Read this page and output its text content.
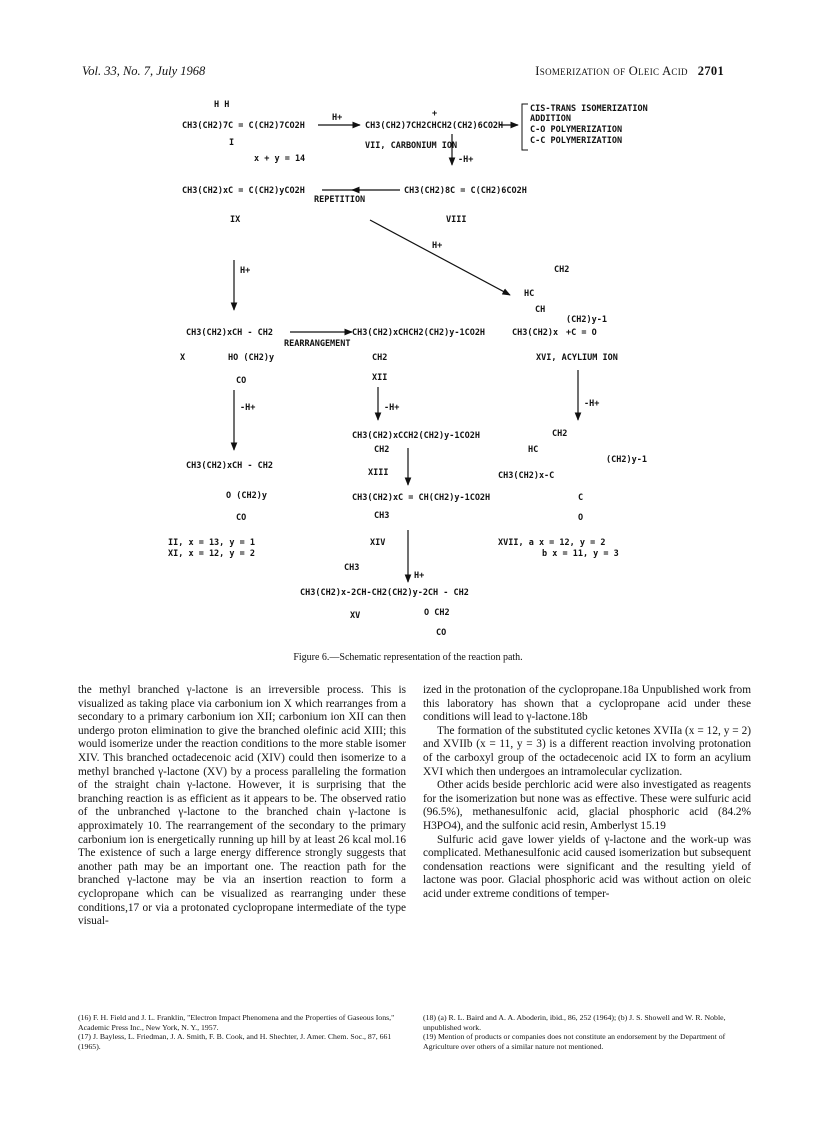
Vol. 33, No. 7, July 1968	Isomerization of Oleic Acid 2701
H H
CH3(CH2)7C = C(CH2)7CO2H
H+	+
CH3(CH2)7CH2CHCH2(CH2)6CO2H
CIS-TRANS ISOMERIZATION
ADDITION
C-O POLYMERIZATION
C-C POLYMERIZATION
I
x + y = 14
VII, CARBONIUM ION
-H+
CH3(CH2)xC = C(CH2)yCO2H
IX
REPETITION
CH3(CH2)8C = C(CH2)6CO2H
VIII
H+
H+
CH3(CH2)xCH - CH2
X	HO (CH2)y
CO
REARRANGEMENT
CH3(CH2)xCHCH2(CH2)y-1CO2H
CH2
XII
CH2
HC
CH
(CH2)y-1
CH3(CH2)x +C = O
XVI, ACYLIUM ION
-H+	-H+	-H+
CH3(CH2)xCCH2(CH2)y-1CO2H
CH2
XIII
CH3(CH2)xC = CH(CH2)y-1CO2H
CH3
CH3(CH2)xCH - CH2
O (CH2)y
CO
CH2
HC
(CH2)y-1
CH3(CH2)x-C
C
O
II, x = 13, y = 1
XI, x = 12, y = 2
XIV	XVII, a x = 12, y = 2
b x = 11, y = 3
H+
CH3
CH3(CH2)x-2CH-CH2(CH2)y-2CH - CH2
O CH2
CO
XV
Figure 6.—Schematic representation of the reaction path.

the methyl branched γ-lactone is an irreversible process. This is visualized as taking place via carbonium ion X which rearranges from a secondary to a primary carbonium ion XII; carbonium ion XII can then undergo proton elimination to give the branched olefinic acid XIII; this would isomerize under the reaction conditions to the more stable isomer XIV. This branched octadecenoic acid (XIV) could then isomerize to a methyl branched γ-lactone (XV) by a process paralleling the formation of the straight chain γ-lactone. However, it is surprising that the branching reaction is as efficient as it appears to be. The observed ratio of the unbranched γ-lactone to the branched chain γ-lactone is approximately 10. The rearrangement of the secondary to the primary carbonium ion is energetically running up hill by at least 26 kcal mol.16 The existence of such a large energy difference strongly suggests that another path may be an important one. The reaction path for the branched γ-lactone may be via an insertion reaction to form a cyclopropane which can be visualized as rearranging under these conditions,17 or via a protonated cyclopropane intermediate of the type visual-

ized in the protonation of the cyclopropane.18a Unpublished work from this laboratory has shown that a cyclopropane acid under these conditions will lead to γ-lactone.18b

The formation of the substituted cyclic ketones XVIIa (x = 12, y = 2) and XVIIb (x = 11, y = 3) is a different reaction involving protonation of the carboxyl group of the octadecenoic acid IX to form an acylium XVI which then undergoes an intramolecular cyclization.

Other acids beside perchloric acid were also investigated as reagents for the isomerization but none was as effective. These were sulfuric acid (96.5%), methanesulfonic acid, glacial phosphoric acid (84.2% H3PO4), and the sulfonic acid resin, Amberlyst 15.19

Sulfuric acid gave lower yields of γ-lactone and the work-up was complicated. Methanesulfonic acid caused isomerization but subsequent condensation reactions were significant and the resulting yield of lactone was poor. Glacial phosphoric acid was without action on oleic acid under extreme conditions of temper-

(16) F. H. Field and J. L. Franklin, "Electron Impact Phenomena and the Properties of Gaseous Ions," Academic Press Inc., New York, N. Y., 1957.

(17) J. Bayless, L. Friedman, J. A. Smith, F. B. Cook, and H. Shechter, J. Amer. Chem. Soc., 87, 661 (1965).

(18) (a) R. L. Baird and A. A. Aboderin, ibid., 86, 252 (1964); (b) J. S. Showell and W. R. Noble, unpublished work.

(19) Mention of products or companies does not constitute an endorsement by the Department of Agriculture over others of a similar nature not mentioned.
